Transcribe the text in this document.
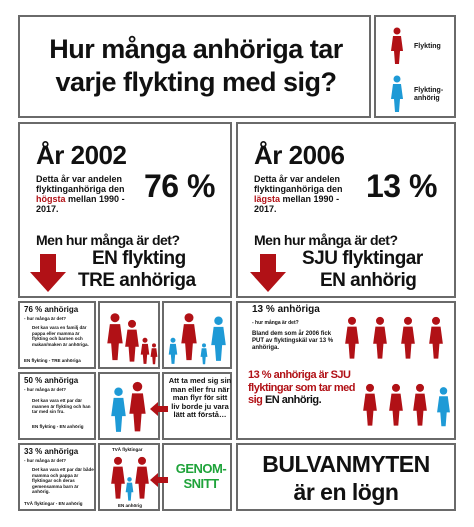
Hur många anhöriga tar varje flykting med sig?
Flykting
Flykting-anhörig
År 2002
Detta år var andelen flyktinganhöriga den högsta mellan 1990 - 2017.
76 %
Men hur många är det?
EN flykting
TRE anhöriga
År 2006
Detta år var andelen flyktinganhöriga den lägsta mellan 1990 - 2017.
13 %
Men hur många är det?
SJU flyktingar
EN anhörig
76 % anhöriga
- hur många är det?
Det kan vara en familj där pappa eller mamma är flykting och barnen och makan/maken är anhöriga.
EN flykting - TRE anhöriga
50 % anhöriga
- hur många är det?
Det kan vara ett par där mannen är flykting och han tar med sin fru.
EN flykting - EN anhörig
Att ta med sig sin man eller fru när man flyr för sitt liv borde ju vara lätt att förstå…
33 % anhöriga
- hur många är det?
Det kan vara ett par där både mamma och pappa är flyktingar och deras gemensamma barn är anhörig.
TVÅ flyktingar - EN anhörig
TVÅ flyktingar
EN anhörig
GENOM-SNITT
13 % anhöriga
- hur många är det?
Bland dem som år 2006 fick PUT av flyktingskäl var 13 % anhöriga.
13 % anhöriga är SJU flyktingar som tar med sig EN anhörig.
BULVANMYTEN
är en lögn
